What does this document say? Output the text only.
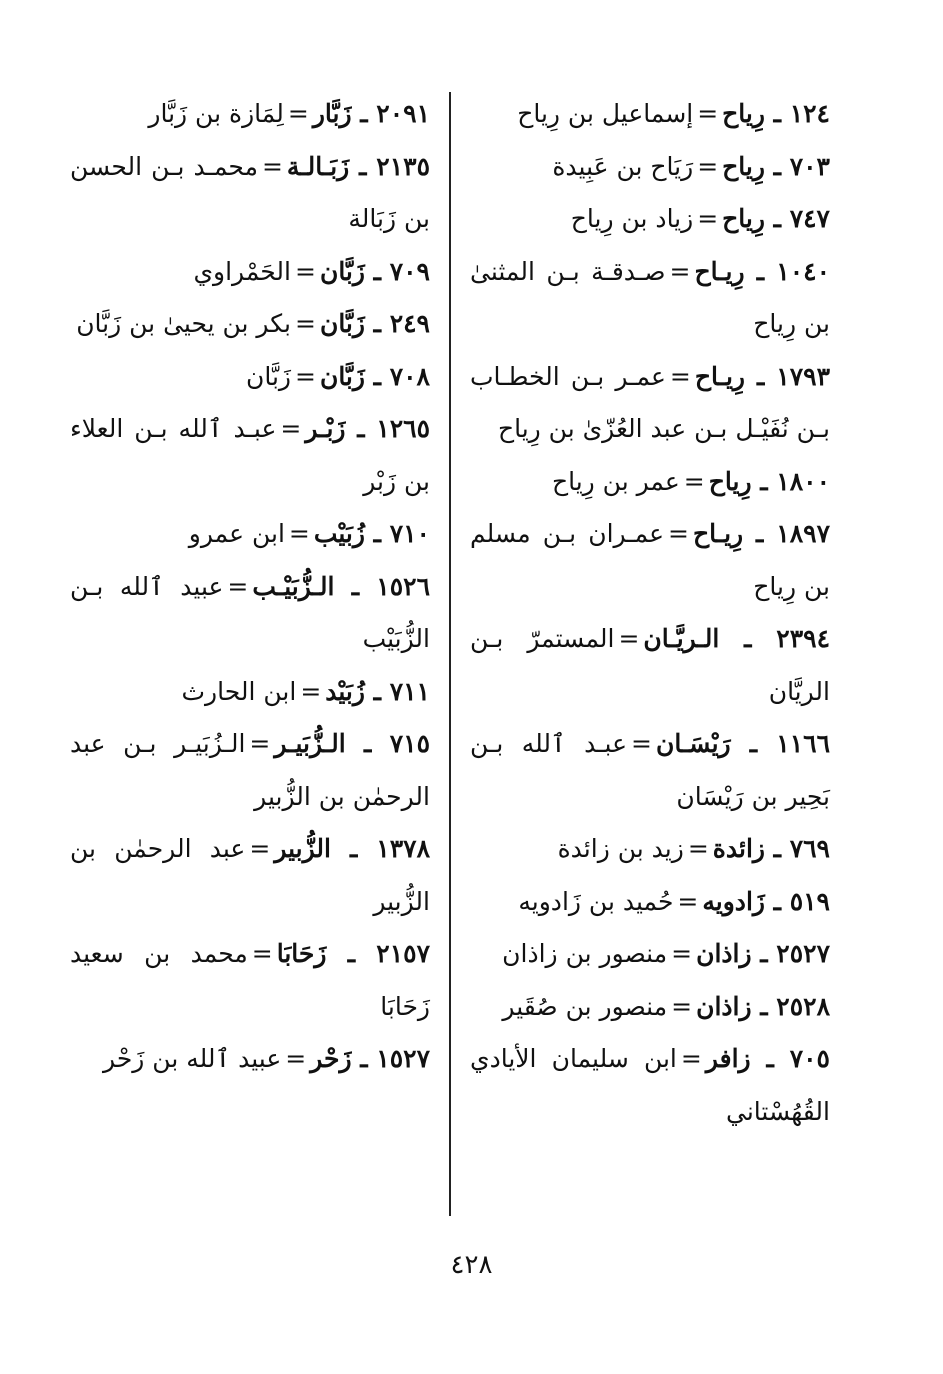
١٢٤ ـ رِياح=إسماعيل بن رِياح

٧٠٣ ـ رِياح=رَيَاح بن عَبِيدة

٧٤٧ ـ رِياح=زياد بن رِياح

١٠٤٠ ـ رِيـاح=صـدقـة بـن المثنىٰ بن رِياح

١٧٩٣ ـ رِيـاح=عمـر بـن الخطـاب بـن نُفَيْـل بـن عبد العُزّىٰ بن رِياح

١٨٠٠ ـ رِياح=عمر بن رِياح

١٨٩٧ ـ رِيـاح=عمـران بـن مسلم بن رِياح

٢٣٩٤ ـ الـريَّـان=المستمرّ بـن الريَّان

١١٦٦ ـ رَيْسَـان=عبـد ٱلله بـن بَحِير بن رَيْسَان

٧٦٩ ـ زائدة=زيد بن زائدة

٥١٩ ـ زَادويه=حُميد بن زَادويه

٢٥٢٧ ـ زاذان=منصور بن زاذان

٢٥٢٨ ـ زاذان=منصور بن صُقَير

٧٠٥ ـ زافر=ابن سليمان الأيادي القُهُسْتاني

٢٠٩١ ـ زَبَّار=لِمَازة بن زَبَّار

٢١٣٥ ـ زَبَـالـة=محمـد بـن الحسن بن زَبَالة

٧٠٩ ـ زَبَّان=الحَمْراوي

٢٤٩ ـ زَبَّان=بكر بن يحيىٰ بن زَبَّان

٧٠٨ ـ زَبَّان=زَبَّان

١٢٦٥ ـ زَبْـر=عبـد ٱلله بـن العلاء بن زَبْر

٧١٠ ـ زُبَيْب=ابن عمرو

١٥٢٦ ـ الـزُّبَيْـب=عبيد ٱلله بـن الزُّبَيْب

٧١١ ـ زُبَيْد=ابن الحارث

٧١٥ ـ الـزُّبَيـر=الـزُبَيـر بـن عبد الرحمٰن بن الزُّبير

١٣٧٨ ـ الزُّبير=عبد الرحمٰن بن الزُّبير

٢١٥٧ ـ زَحَابَا=محمد بن سعيد زَحَابَا

١٥٢٧ ـ زَحْر=عبيد ٱلله بن زَحْر

٤٢٨
